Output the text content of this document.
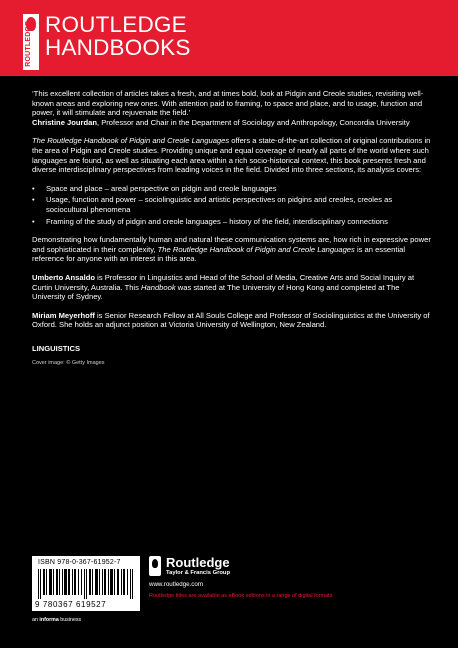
ROUTLEDGE ROUTLEDGE
HANDBOOKS

‘This excellent collection of articles takes a fresh, and at times bold, look at Pidgin and Creole studies, revisiting well-known areas and exploring new ones. With attention paid to framing, to space and place, and to usage, function and power, it will stimulate and rejuvenate the field.’
Christine Jourdan, Professor and Chair in the Department of Sociology and Anthropology, Concordia University

The Routledge Handbook of Pidgin and Creole Languages offers a state-of-the-art collection of original contributions in the area of Pidgin and Creole studies. Providing unique and equal coverage of nearly all parts of the world where such languages are found, as well as situating each area within a rich socio-historical context, this book presents fresh and diverse interdisciplinary perspectives from leading voices in the field. Divided into three sections, its analysis covers:

• Space and place – areal perspective on pidgin and creole languages
• Usage, function and power – sociolinguistic and artistic perspectives on pidgins and creoles, creoles as sociocultural phenomena
• Framing of the study of pidgin and creole languages – history of the field, interdisciplinary connections

Demonstrating how fundamentally human and natural these communication systems are, how rich in expressive power and sophisticated in their complexity, The Routledge Handbook of Pidgin and Creole Languages is an essential reference for anyone with an interest in this area.

Umberto Ansaldo is Professor in Linguistics and Head of the School of Media, Creative Arts and Social Inquiry at Curtin University, Australia. This Handbook was started at The University of Hong Kong and completed at The University of Sydney.

Miriam Meyerhoff is Senior Research Fellow at All Souls College and Professor of Sociolinguistics at the University of Oxford. She holds an adjunct position at Victoria University of Wellington, New Zealand.

LINGUISTICS
Cover image: © Getty Images
ISBN 978-0-367-61952-7
9 780367 619527
an informa business
Routledge
Taylor & Francis Group
www.routledge.com
Routledge titles are available as eBook editions in a range of digital formats
